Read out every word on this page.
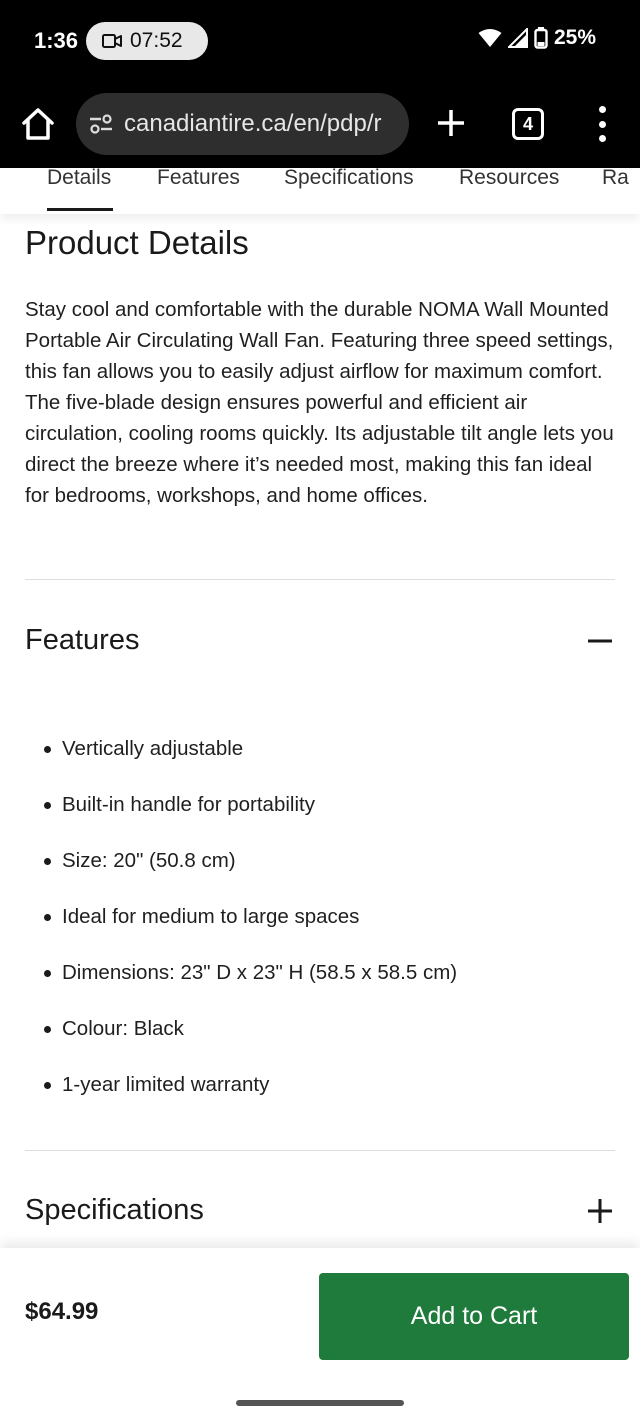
1:36 07:52	25%
canadiantire.ca/en/pdp/r	4
Details Features Specifications Resources Ra
Product Details

Stay cool and comfortable with the durable NOMA Wall Mounted Portable Air Circulating Wall Fan. Featuring three speed settings, this fan allows you to easily adjust airflow for maximum comfort. The five-blade design ensures powerful and efficient air circulation, cooling rooms quickly. Its adjustable tilt angle lets you direct the breeze where it’s needed most, making this fan ideal for bedrooms, workshops, and home offices.

Features
Vertically adjustable
Built-in handle for portability
Size: 20" (50.8 cm)
Ideal for medium to large spaces
Dimensions: 23" D x 23" H (58.5 x 58.5 cm)
Colour: Black
1-year limited warranty
Specifications
$64.99	Add to Cart
